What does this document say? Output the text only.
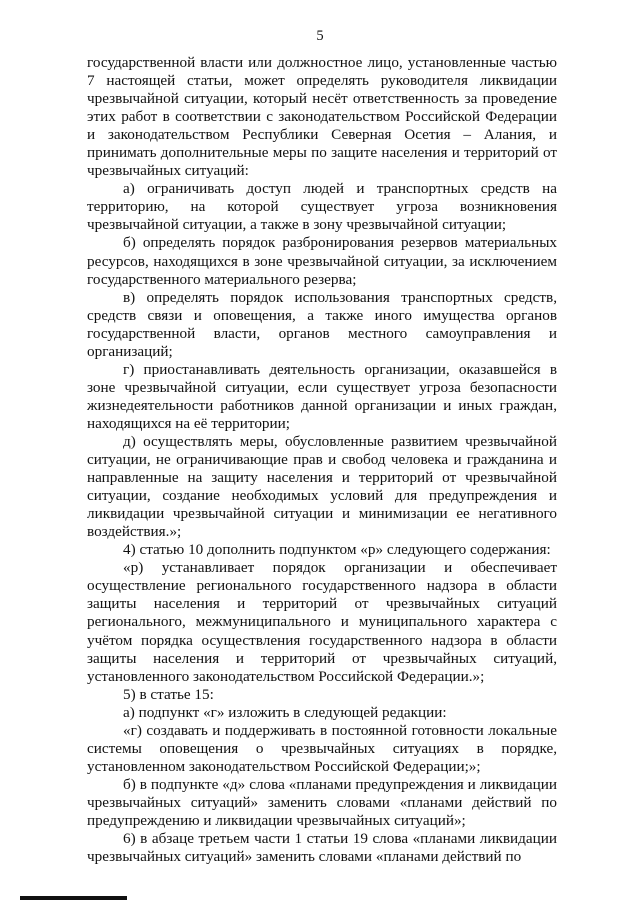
5

государственной власти или должностное лицо, установленные частью 7 настоящей статьи, может определять руководителя ликвидации чрезвычайной ситуации, который несёт ответственность за проведение этих работ в соответствии с законодательством Российской Федерации и законодательством Республики Северная Осетия – Алания, и принимать дополнительные меры по защите населения и территорий от чрезвычайных ситуаций:

а) ограничивать доступ людей и транспортных средств на территорию, на которой существует угроза возникновения чрезвычайной ситуации, а также в зону чрезвычайной ситуации;

б) определять порядок разбронирования резервов материальных ресурсов, находящихся в зоне чрезвычайной ситуации, за исключением государственного материального резерва;

в) определять порядок использования транспортных средств, средств связи и оповещения, а также иного имущества органов государственной власти, органов местного самоуправления и организаций;

г) приостанавливать деятельность организации, оказавшейся в зоне чрезвычайной ситуации, если существует угроза безопасности жизнедеятельности работников данной организации и иных граждан, находящихся на её территории;

д) осуществлять меры, обусловленные развитием чрезвычайной ситуации, не ограничивающие прав и свобод человека и гражданина и направленные на защиту населения и территорий от чрезвычайной ситуации, создание необходимых условий для предупреждения и ликвидации чрезвычайной ситуации и минимизации ее негативного воздействия.»;

4) статью 10 дополнить подпунктом «р» следующего содержания:

«р) устанавливает порядок организации и обеспечивает осуществление регионального государственного надзора в области защиты населения и территорий от чрезвычайных ситуаций регионального, межмуниципального и муниципального характера с учётом порядка осуществления государственного надзора в области защиты населения и территорий от чрезвычайных ситуаций, установленного законодательством Российской Федерации.»;

5) в статье 15:

а) подпункт «г» изложить в следующей редакции:

«г) создавать и поддерживать в постоянной готовности локальные системы оповещения о чрезвычайных ситуациях в порядке, установленном законодательством Российской Федерации;»;

б) в подпункте «д» слова «планами предупреждения и ликвидации чрезвычайных ситуаций» заменить словами «планами действий по предупреждению и ликвидации чрезвычайных ситуаций»;

6) в абзаце третьем части 1 статьи 19 слова «планами ликвидации чрезвычайных ситуаций» заменить словами «планами действий по
